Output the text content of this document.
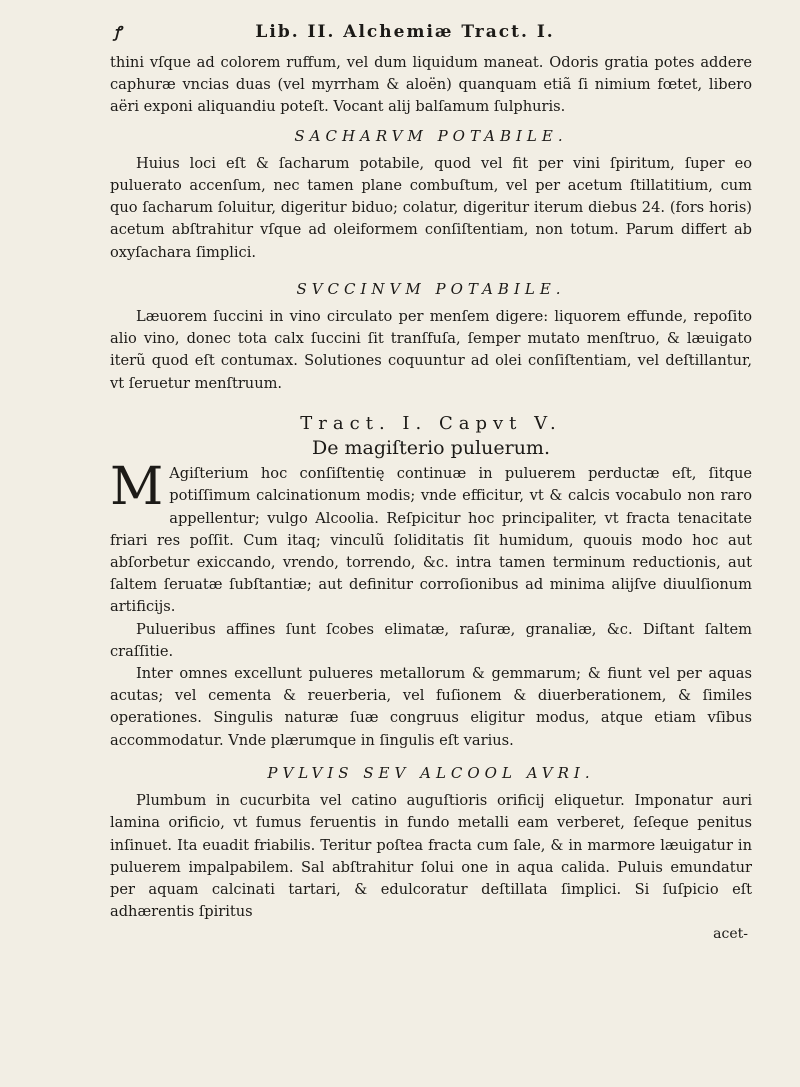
ꝭ	Lib. II. Alchemiæ Tract. I.

thini vſque ad colorem ruffum, vel dum liquidum maneat. Odoris gratia potes addere caphuræ vncias duas (vel myrrham & aloën) quanquam etiã ſi nimium fœtet, libero aëri exponi aliquandiu poteſt. Vocant alij balſamum ſulphuris.

SACHARVM POTABILE.

Huius loci eſt & ſacharum potabile, quod vel fit per vini ſpiritum, ſuper eo puluerato accenſum, nec tamen plane combuſtum, vel per acetum ſtillatitium, cum quo ſacharum ſoluitur, digeritur biduo; colatur, digeritur iterum diebus 24. (fors horis) acetum abſtrahitur vſque ad oleiformem conſiſtentiam, non totum. Parum differt ab oxyſachara ſimplici.

SVCCINVM POTABILE.

Læuorem ſuccini in vino circulato per menſem digere: liquorem effunde, repoſito alio vino, donec tota calx ſuccini ſit tranſfuſa, ſemper mutato menſtruo, & læuigato iterũ quod eſt contumax. Solutiones coquuntur ad olei conſiſtentiam, vel deſtillantur, vt ſeruetur menſtruum.

Tract. I. Capvt V.
De magiſterio puluerum.

M Agiſterium hoc conſiſtentię continuæ in puluerem perductæ eſt, ſitque potiſſimum calcinationum modis; vnde efficitur, vt & calcis vocabulo non raro appellentur; vulgo Alcoolia. Reſpicitur hoc principaliter, vt fracta tenacitate friari res poſſit. Cum itaq; vinculũ ſoliditatis ſit humidum, quouis modo hoc aut abſorbetur exiccando, vrendo, torrendo, &c. intra tamen terminum reductionis, aut ſaltem ſeruatæ ſubſtantiæ; aut definitur corroſionibus ad minima alijſve diuulſionum artificijs.

Pulueribus affines ſunt ſcobes elimatæ, raſuræ, granaliæ, &c. Diſtant ſaltem craſſitie.

Inter omnes excellunt pulueres metallorum & gemmarum; & fiunt vel per aquas acutas; vel cementa & reuerberia, vel fuſionem & diuerberationem, & ſimiles operationes. Singulis naturæ ſuæ congruus eligitur modus, atque etiam vſibus accommodatur. Vnde plærumque in ſingulis eſt varius.

PVLVIS SEV ALCOOL AVRI.

Plumbum in cucurbita vel catino auguſtioris orificij eliquetur. Imponatur auri lamina orificio, vt fumus feruentis in fundo metalli eam verberet, ſeſeque penitus inſinuet. Ita euadit friabilis. Teritur poſtea fracta cum ſale, & in marmore læuigatur in puluerem impalpabilem. Sal abſtrahitur ſolui one in aqua calida. Puluis emundatur per aquam calcinati tartari, & edulcoratur deſtillata ſimplici. Si ſuſpicio eſt adhærentis ſpiritus

acet-
